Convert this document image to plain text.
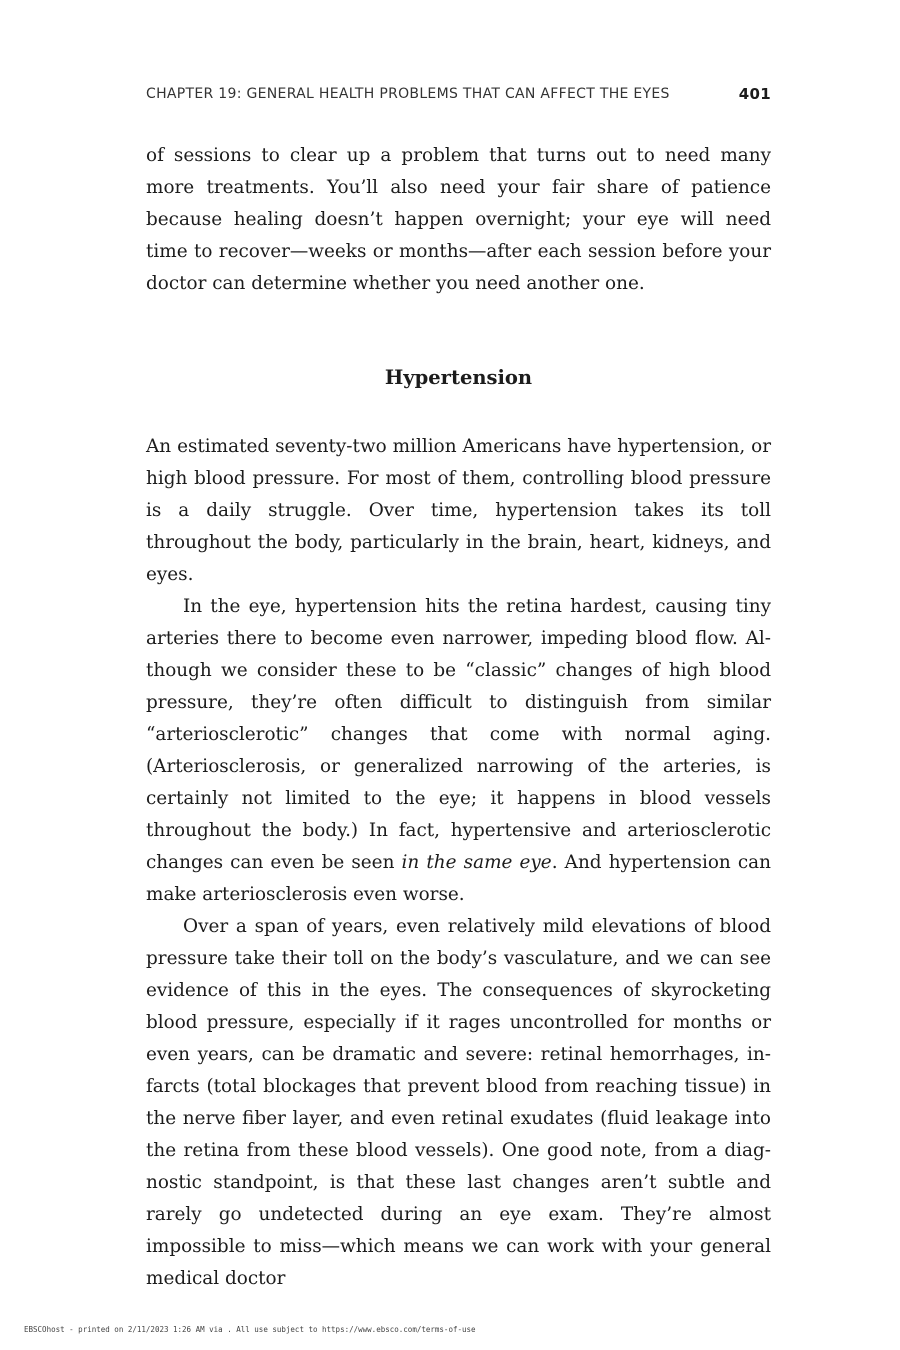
CHAPTER 19: GENERAL HEALTH PROBLEMS THAT CAN AFFECT THE EYES	401

of sessions to clear up a problem that turns out to need many more treatments. You’ll also need your fair share of patience because healing doesn’t happen overnight; your eye will need time to recover—weeks or months—after each session before your doctor can determine whether you need another one.

Hypertension

An estimated seventy-two million Americans have hypertension, or high blood pressure. For most of them, controlling blood pressure is a daily struggle. Over time, hypertension takes its toll throughout the body, particularly in the brain, heart, kidneys, and eyes.

In the eye, hypertension hits the retina hardest, causing tiny arteries there to become even narrower, impeding blood flow. Although we consider these to be “classic” changes of high blood pressure, they’re often difficult to distinguish from similar “arteriosclerotic” changes that come with normal aging. (Arteriosclerosis, or generalized narrowing of the arteries, is certainly not limited to the eye; it happens in blood vessels throughout the body.) In fact, hypertensive and arteriosclerotic changes can even be seen in the same eye. And hypertension can make arteriosclerosis even worse.

Over a span of years, even relatively mild elevations of blood pressure take their toll on the body’s vasculature, and we can see evidence of this in the eyes. The consequences of skyrocketing blood pressure, especially if it rages uncontrolled for months or even years, can be dramatic and severe: retinal hemorrhages, infarcts (total blockages that prevent blood from reaching tissue) in the nerve fiber layer, and even retinal exudates (fluid leakage into the retina from these blood vessels). One good note, from a diagnostic standpoint, is that these last changes aren’t subtle and rarely go undetected during an eye exam. They’re almost impossible to miss—which means we can work with your general medical doctor

EBSCOhost - printed on 2/11/2023 1:26 AM via . All use subject to https://www.ebsco.com/terms-of-use
